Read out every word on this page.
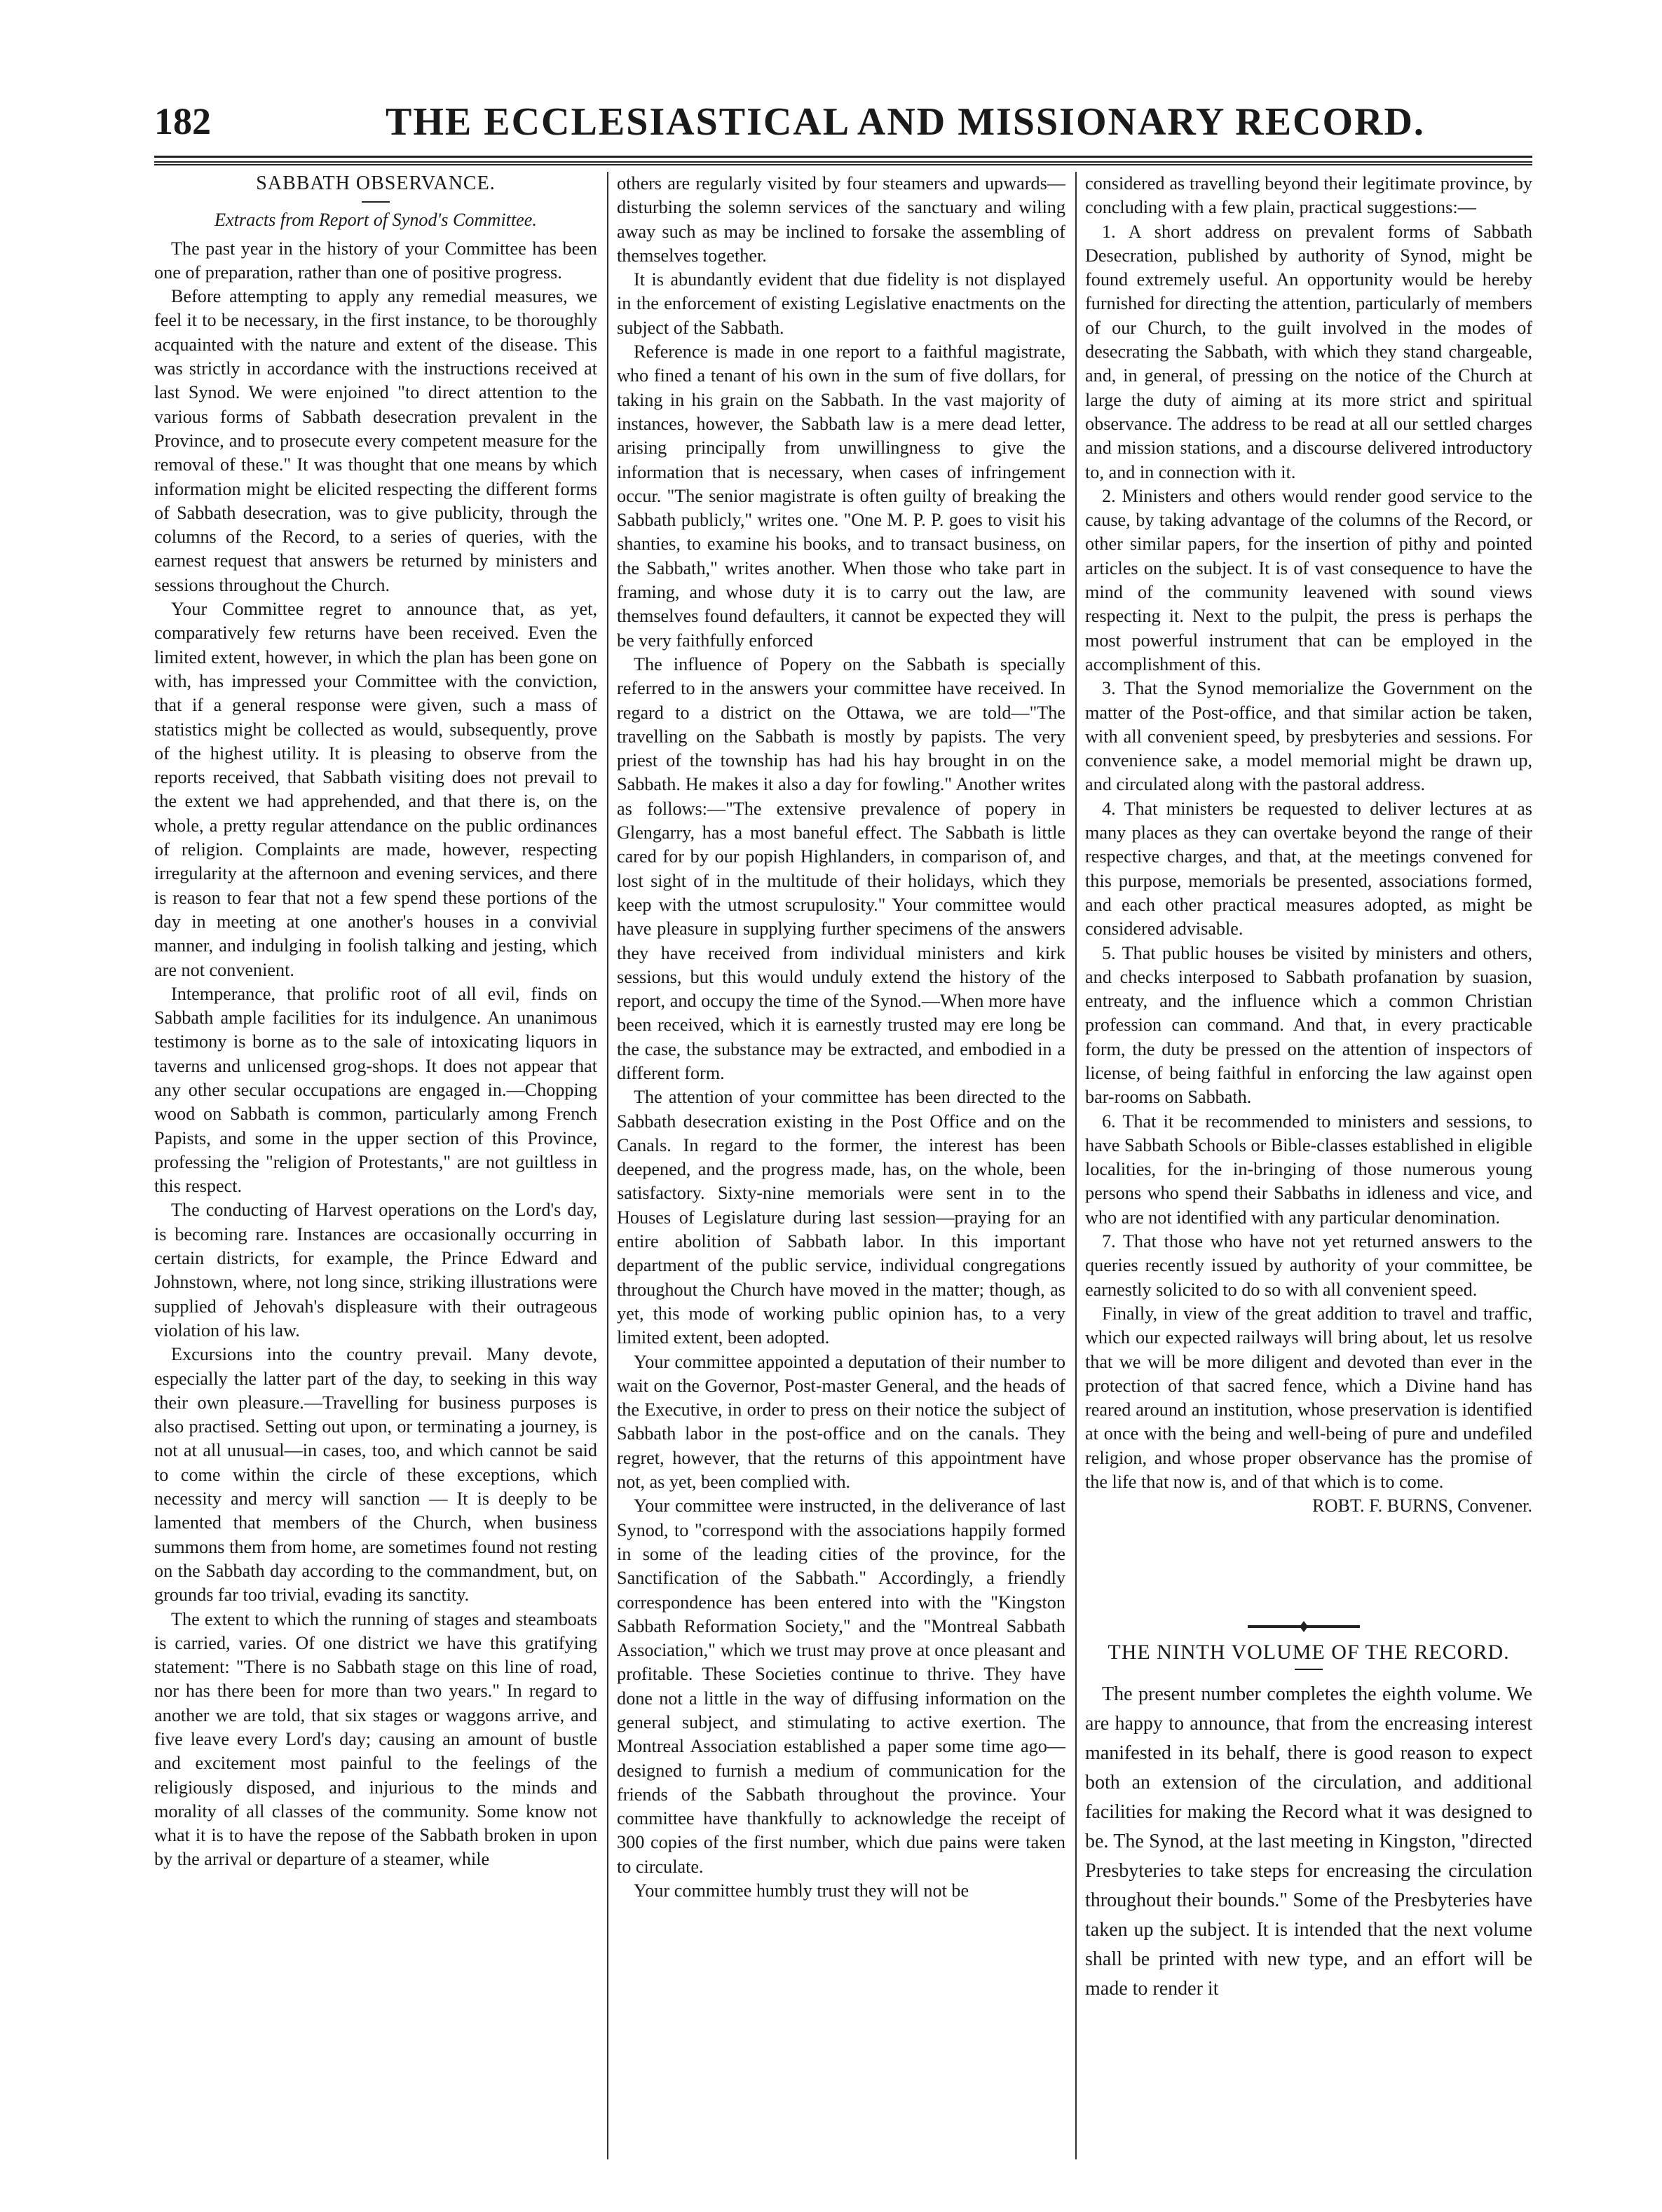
182	THE ECCLESIASTICAL AND MISSIONARY RECORD.

SABBATH OBSERVANCE.

Extracts from Report of Synod's Committee.

The past year in the history of your Committee has been one of preparation, rather than one of positive progress.

Before attempting to apply any remedial measures, we feel it to be necessary, in the first instance, to be thoroughly acquainted with the nature and extent of the disease. This was strictly in accordance with the instructions received at last Synod. We were enjoined "to direct attention to the various forms of Sabbath desecration prevalent in the Province, and to prosecute every competent measure for the removal of these." It was thought that one means by which information might be elicited respecting the different forms of Sabbath desecration, was to give publicity, through the columns of the Record, to a series of queries, with the earnest request that answers be returned by ministers and sessions throughout the Church.

Your Committee regret to announce that, as yet, comparatively few returns have been received. Even the limited extent, however, in which the plan has been gone on with, has impressed your Committee with the conviction, that if a general response were given, such a mass of statistics might be collected as would, subsequently, prove of the highest utility. It is pleasing to observe from the reports received, that Sabbath visiting does not prevail to the extent we had apprehended, and that there is, on the whole, a pretty regular attendance on the public ordinances of religion. Complaints are made, however, respecting irregularity at the afternoon and evening services, and there is reason to fear that not a few spend these portions of the day in meeting at one another's houses in a convivial manner, and indulging in foolish talking and jesting, which are not convenient.

Intemperance, that prolific root of all evil, finds on Sabbath ample facilities for its indulgence. An unanimous testimony is borne as to the sale of intoxicating liquors in taverns and unlicensed grog-shops. It does not appear that any other secular occupations are engaged in.—Chopping wood on Sabbath is common, particularly among French Papists, and some in the upper section of this Province, professing the "religion of Protestants," are not guiltless in this respect.

The conducting of Harvest operations on the Lord's day, is becoming rare. Instances are occasionally occurring in certain districts, for example, the Prince Edward and Johnstown, where, not long since, striking illustrations were supplied of Jehovah's displeasure with their outrageous violation of his law.

Excursions into the country prevail. Many devote, especially the latter part of the day, to seeking in this way their own pleasure.—Travelling for business purposes is also practised. Setting out upon, or terminating a journey, is not at all unusual—in cases, too, and which cannot be said to come within the circle of these exceptions, which necessity and mercy will sanction — It is deeply to be lamented that members of the Church, when business summons them from home, are sometimes found not resting on the Sabbath day according to the commandment, but, on grounds far too trivial, evading its sanctity.

The extent to which the running of stages and steamboats is carried, varies. Of one district we have this gratifying statement: "There is no Sabbath stage on this line of road, nor has there been for more than two years." In regard to another we are told, that six stages or waggons arrive, and five leave every Lord's day; causing an amount of bustle and excitement most painful to the feelings of the religiously disposed, and injurious to the minds and morality of all classes of the community. Some know not what it is to have the repose of the Sabbath broken in upon by the arrival or departure of a steamer, while

others are regularly visited by four steamers and upwards—disturbing the solemn services of the sanctuary and wiling away such as may be inclined to forsake the assembling of themselves together.

It is abundantly evident that due fidelity is not displayed in the enforcement of existing Legislative enactments on the subject of the Sabbath.

Reference is made in one report to a faithful magistrate, who fined a tenant of his own in the sum of five dollars, for taking in his grain on the Sabbath. In the vast majority of instances, however, the Sabbath law is a mere dead letter, arising principally from unwillingness to give the information that is necessary, when cases of infringement occur. "The senior magistrate is often guilty of breaking the Sabbath publicly," writes one. "One M. P. P. goes to visit his shanties, to examine his books, and to transact business, on the Sabbath," writes another. When those who take part in framing, and whose duty it is to carry out the law, are themselves found defaulters, it cannot be expected they will be very faithfully enforced

The influence of Popery on the Sabbath is specially referred to in the answers your committee have received. In regard to a district on the Ottawa, we are told—"The travelling on the Sabbath is mostly by papists. The very priest of the township has had his hay brought in on the Sabbath. He makes it also a day for fowling." Another writes as follows:—"The extensive prevalence of popery in Glengarry, has a most baneful effect. The Sabbath is little cared for by our popish Highlanders, in comparison of, and lost sight of in the multitude of their holidays, which they keep with the utmost scrupulosity." Your committee would have pleasure in supplying further specimens of the answers they have received from individual ministers and kirk sessions, but this would unduly extend the history of the report, and occupy the time of the Synod.—When more have been received, which it is earnestly trusted may ere long be the case, the substance may be extracted, and embodied in a different form.

The attention of your committee has been directed to the Sabbath desecration existing in the Post Office and on the Canals. In regard to the former, the interest has been deepened, and the progress made, has, on the whole, been satisfactory. Sixty-nine memorials were sent in to the Houses of Legislature during last session—praying for an entire abolition of Sabbath labor. In this important department of the public service, individual congregations throughout the Church have moved in the matter; though, as yet, this mode of working public opinion has, to a very limited extent, been adopted.

Your committee appointed a deputation of their number to wait on the Governor, Post-master General, and the heads of the Executive, in order to press on their notice the subject of Sabbath labor in the post-office and on the canals. They regret, however, that the returns of this appointment have not, as yet, been complied with.

Your committee were instructed, in the deliverance of last Synod, to "correspond with the associations happily formed in some of the leading cities of the province, for the Sanctification of the Sabbath." Accordingly, a friendly correspondence has been entered into with the "Kingston Sabbath Reformation Society," and the "Montreal Sabbath Association," which we trust may prove at once pleasant and profitable. These Societies continue to thrive. They have done not a little in the way of diffusing information on the general subject, and stimulating to active exertion. The Montreal Association established a paper some time ago—designed to furnish a medium of communication for the friends of the Sabbath throughout the province. Your committee have thankfully to acknowledge the receipt of 300 copies of the first number, which due pains were taken to circulate.

Your committee humbly trust they will not be

considered as travelling beyond their legitimate province, by concluding with a few plain, practical suggestions:—

1. A short address on prevalent forms of Sabbath Desecration, published by authority of Synod, might be found extremely useful. An opportunity would be hereby furnished for directing the attention, particularly of members of our Church, to the guilt involved in the modes of desecrating the Sabbath, with which they stand chargeable, and, in general, of pressing on the notice of the Church at large the duty of aiming at its more strict and spiritual observance. The address to be read at all our settled charges and mission stations, and a discourse delivered introductory to, and in connection with it.

2. Ministers and others would render good service to the cause, by taking advantage of the columns of the Record, or other similar papers, for the insertion of pithy and pointed articles on the subject. It is of vast consequence to have the mind of the community leavened with sound views respecting it. Next to the pulpit, the press is perhaps the most powerful instrument that can be employed in the accomplishment of this.

3. That the Synod memorialize the Government on the matter of the Post-office, and that similar action be taken, with all convenient speed, by presbyteries and sessions. For convenience sake, a model memorial might be drawn up, and circulated along with the pastoral address.

4. That ministers be requested to deliver lectures at as many places as they can overtake beyond the range of their respective charges, and that, at the meetings convened for this purpose, memorials be presented, associations formed, and each other practical measures adopted, as might be considered advisable.

5. That public houses be visited by ministers and others, and checks interposed to Sabbath profanation by suasion, entreaty, and the influence which a common Christian profession can command. And that, in every practicable form, the duty be pressed on the attention of inspectors of license, of being faithful in enforcing the law against open bar-rooms on Sabbath.

6. That it be recommended to ministers and sessions, to have Sabbath Schools or Bible-classes established in eligible localities, for the in-bringing of those numerous young persons who spend their Sabbaths in idleness and vice, and who are not identified with any particular denomination.

7. That those who have not yet returned answers to the queries recently issued by authority of your committee, be earnestly solicited to do so with all convenient speed.

Finally, in view of the great addition to travel and traffic, which our expected railways will bring about, let us resolve that we will be more diligent and devoted than ever in the protection of that sacred fence, which a Divine hand has reared around an institution, whose preservation is identified at once with the being and well-being of pure and undefiled religion, and whose proper observance has the promise of the life that now is, and of that which is to come.

ROBT. F. BURNS, Convener.

THE NINTH VOLUME OF THE RECORD.

The present number completes the eighth volume. We are happy to announce, that from the encreasing interest manifested in its behalf, there is good reason to expect both an extension of the circulation, and additional facilities for making the Record what it was designed to be. The Synod, at the last meeting in Kingston, "directed Presbyteries to take steps for encreasing the circulation throughout their bounds." Some of the Presbyteries have taken up the subject. It is intended that the next volume shall be printed with new type, and an effort will be made to render it
